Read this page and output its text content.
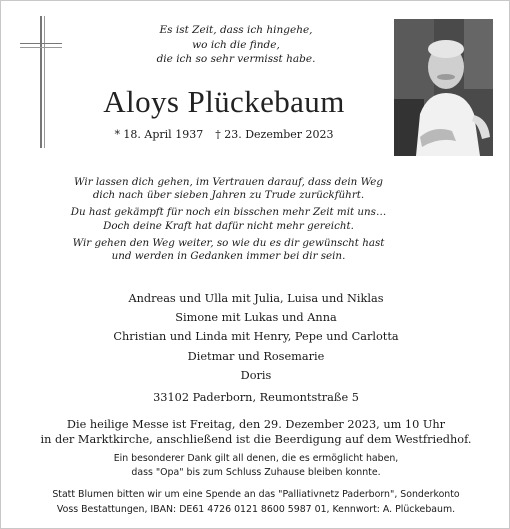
Es ist Zeit, dass ich hingehe,
wo ich die finde,
die ich so sehr vermisst habe.
Aloys Plückebaum
* 18. April 1937 † 23. Dezember 2023
Wir lassen dich gehen, im Vertrauen darauf, dass dein Weg
dich nach über sieben Jahren zu Trude zurückführt.
Du hast gekämpft für noch ein bisschen mehr Zeit mit uns…
Doch deine Kraft hat dafür nicht mehr gereicht.
Wir gehen den Weg weiter, so wie du es dir gewünscht hast
und werden in Gedanken immer bei dir sein.
Andreas und Ulla mit Julia, Luisa und Niklas
Simone mit Lukas und Anna
Christian und Linda mit Henry, Pepe und Carlotta
Dietmar und Rosemarie
Doris
33102 Paderborn, Reumontstraße 5
Die heilige Messe ist Freitag, den 29. Dezember 2023, um 10 Uhr
in der Marktkirche, anschließend ist die Beerdigung auf dem Westfriedhof.
Ein besonderer Dank gilt all denen, die es ermöglicht haben,
dass "Opa" bis zum Schluss Zuhause bleiben konnte.
Statt Blumen bitten wir um eine Spende an das "Palliativnetz Paderborn", Sonderkonto
Voss Bestattungen, IBAN: DE61 4726 0121 8600 5987 01, Kennwort: A. Plückebaum.
